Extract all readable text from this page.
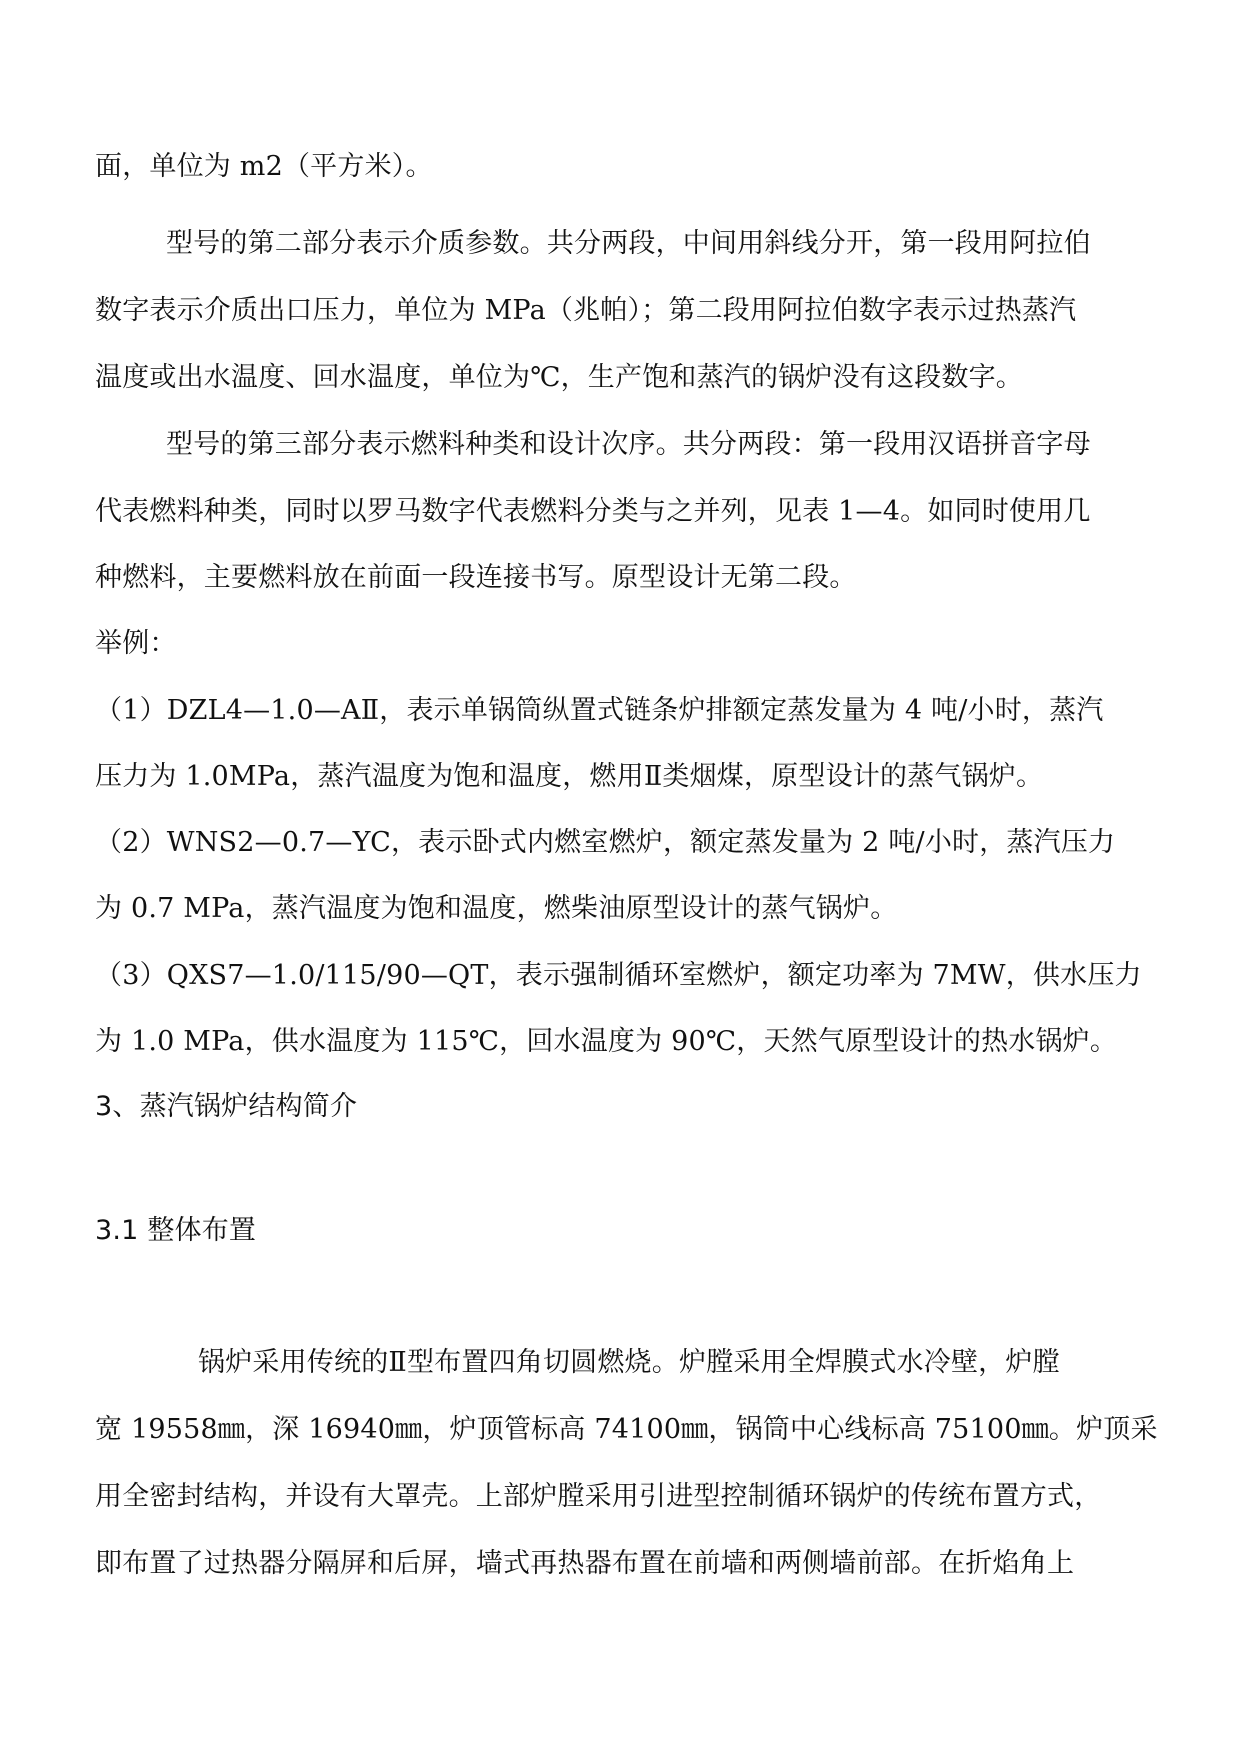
面，单位为 m2（平方米）。
型号的第二部分表示介质参数。共分两段，中间用斜线分开，第一段用阿拉伯
数字表示介质出口压力，单位为 MPa（兆帕）；第二段用阿拉伯数字表示过热蒸汽
温度或出水温度、回水温度，单位为℃，生产饱和蒸汽的锅炉没有这段数字。
型号的第三部分表示燃料种类和设计次序。共分两段：第一段用汉语拼音字母
代表燃料种类，同时以罗马数字代表燃料分类与之并列，见表 1—4。如同时使用几
种燃料，主要燃料放在前面一段连接书写。原型设计无第二段。
举例：
（1）DZL4—1.0—AⅡ，表示单锅筒纵置式链条炉排额定蒸发量为 4 吨/小时，蒸汽
压力为 1.0MPa，蒸汽温度为饱和温度，燃用Ⅱ类烟煤，原型设计的蒸气锅炉。
（2）WNS2—0.7—YC，表示卧式内燃室燃炉，额定蒸发量为 2 吨/小时，蒸汽压力
为 0.7 MPa，蒸汽温度为饱和温度，燃柴油原型设计的蒸气锅炉。
（3）QXS7—1.0/115/90—QT，表示强制循环室燃炉，额定功率为 7MW，供水压力
为 1.0 MPa，供水温度为 115℃，回水温度为 90℃，天然气原型设计的热水锅炉。
3、蒸汽锅炉结构简介
3.1 整体布置
锅炉采用传统的Ⅱ型布置四角切圆燃烧。炉膛采用全焊膜式水冷壁，炉膛
宽 19558㎜，深 16940㎜，炉顶管标高 74100㎜，锅筒中心线标高 75100㎜。炉顶采
用全密封结构，并设有大罩壳。上部炉膛采用引进型控制循环锅炉的传统布置方式，
即布置了过热器分隔屏和后屏，墙式再热器布置在前墙和两侧墙前部。在折焰角上
